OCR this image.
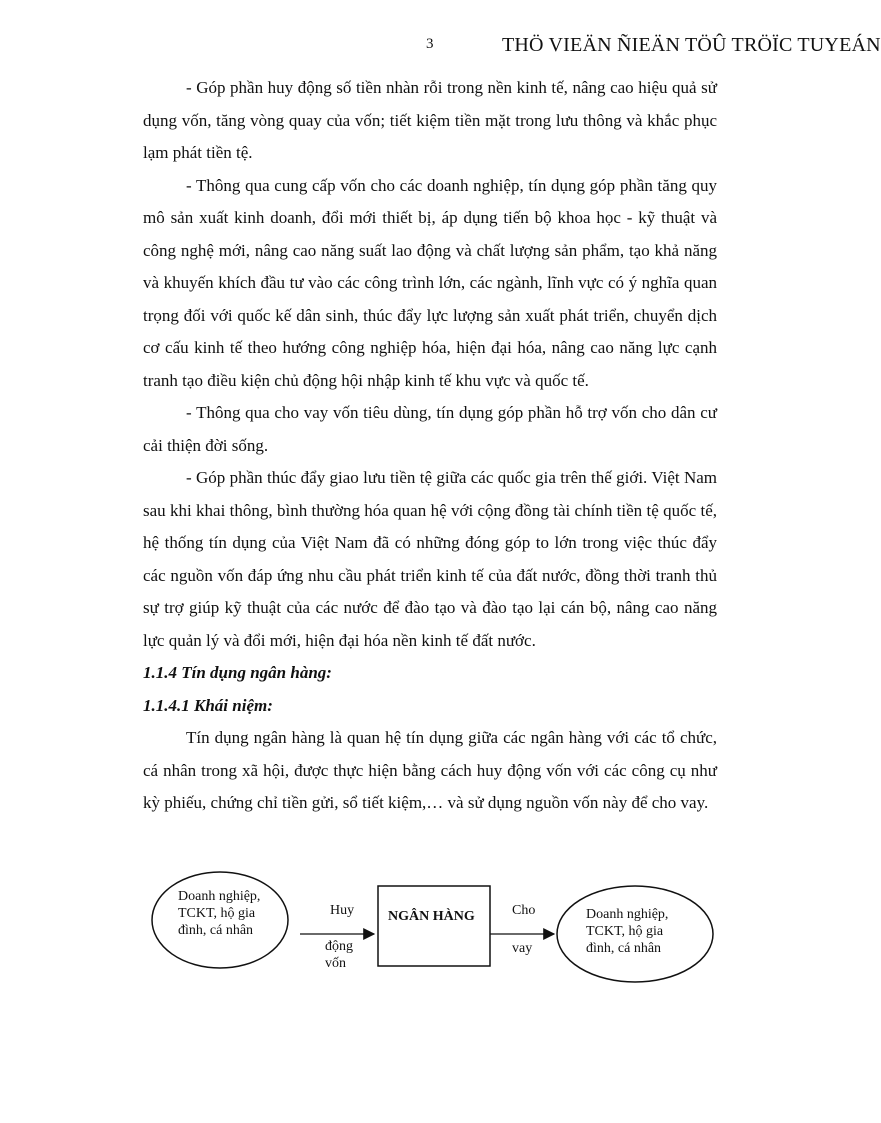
3	THÖ VIEÄN ÑIEÄN TÖÛ TRÖÏC TUYEÁN

- Góp phần huy động số tiền nhàn rỗi trong nền kinh tế, nâng cao hiệu quả sử dụng vốn, tăng vòng quay của vốn; tiết kiệm tiền mặt trong lưu thông và khắc phục lạm phát tiền tệ.

- Thông qua cung cấp vốn cho các doanh nghiệp, tín dụng góp phần tăng quy mô sản xuất kinh doanh, đổi mới thiết bị, áp dụng tiến bộ khoa học - kỹ thuật và công nghệ mới, nâng cao năng suất lao động và chất lượng sản phẩm, tạo khả năng và khuyến khích đầu tư vào các công trình lớn, các ngành, lĩnh vực có ý nghĩa quan trọng đối với quốc kế dân sinh, thúc đẩy lực lượng sản xuất phát triển, chuyển dịch cơ cấu kinh tế theo hướng công nghiệp hóa, hiện đại hóa, nâng cao năng lực cạnh tranh tạo điều kiện chủ động hội nhập kinh tế khu vực và quốc tế.

- Thông qua cho vay vốn tiêu dùng, tín dụng góp phần hỗ trợ vốn cho dân cư cải thiện đời sống.

- Góp phần thúc đẩy giao lưu tiền tệ giữa các quốc gia trên thế giới. Việt Nam sau khi khai thông, bình thường hóa quan hệ với cộng đồng tài chính tiền tệ quốc tế, hệ thống tín dụng của Việt Nam đã có những đóng góp to lớn trong việc thúc đẩy các nguồn vốn đáp ứng nhu cầu phát triển kinh tế của đất nước, đồng thời tranh thủ sự trợ giúp kỹ thuật của các nước để đào tạo và đào tạo lại cán bộ, nâng cao năng lực quản lý và đổi mới, hiện đại hóa nền kinh tế đất nước.

1.1.4 Tín dụng ngân hàng:

1.1.4.1 Khái niệm:

Tín dụng ngân hàng là quan hệ tín dụng giữa các ngân hàng với các tổ chức, cá nhân trong xã hội, được thực hiện bằng cách huy động vốn với các công cụ như kỳ phiếu, chứng chỉ tiền gửi, sổ tiết kiệm,… và sử dụng nguồn vốn này để cho vay.

Doanh nghiệp,
TCKT, hộ gia
đình, cá nhân
Huy
động
vốn
NGÂN HÀNG	Cho
vay
Doanh nghiệp,
TCKT, hộ gia
đình, cá nhân
